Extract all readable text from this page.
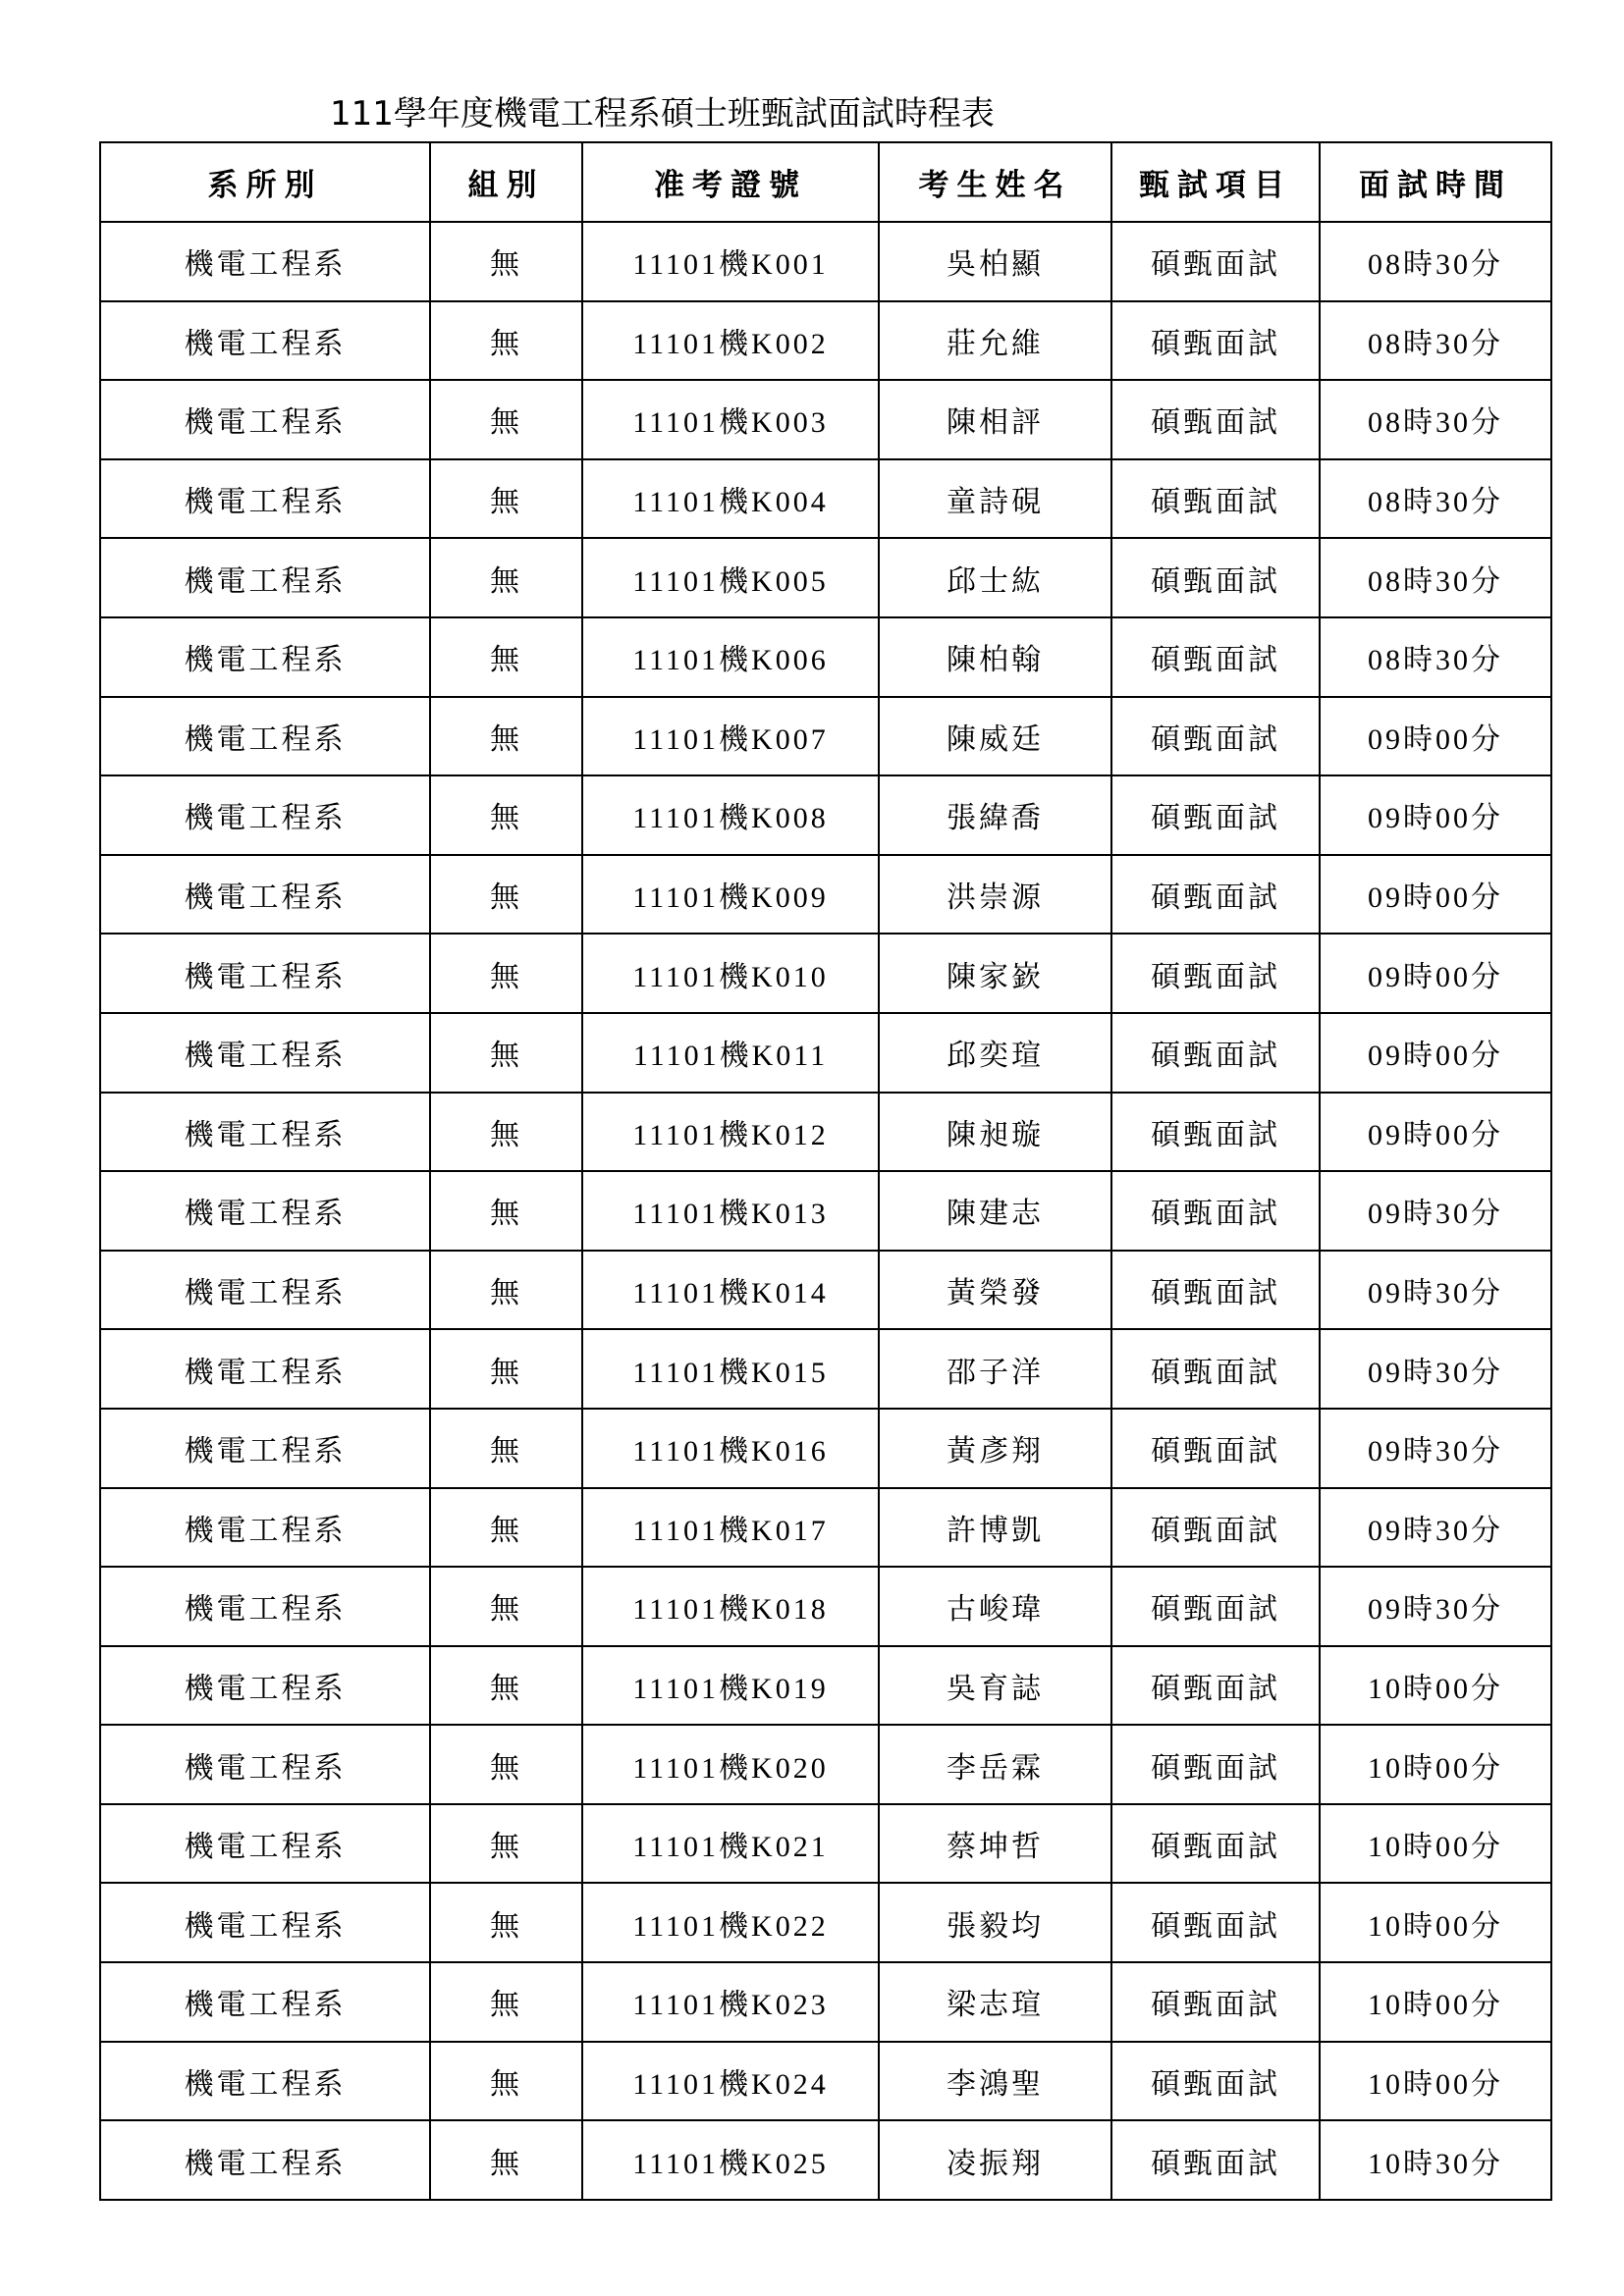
111學年度機電工程系碩士班甄試面試時程表
系所別	組別	准考證號	考生姓名	甄試項目	面試時間
機電工程系	無	11101機K001	吳柏顯	碩甄面試	08時30分
機電工程系	無	11101機K002	莊允維	碩甄面試	08時30分
機電工程系	無	11101機K003	陳相評	碩甄面試	08時30分
機電工程系	無	11101機K004	童詩硯	碩甄面試	08時30分
機電工程系	無	11101機K005	邱士紘	碩甄面試	08時30分
機電工程系	無	11101機K006	陳柏翰	碩甄面試	08時30分
機電工程系	無	11101機K007	陳威廷	碩甄面試	09時00分
機電工程系	無	11101機K008	張緯喬	碩甄面試	09時00分
機電工程系	無	11101機K009	洪崇源	碩甄面試	09時00分
機電工程系	無	11101機K010	陳家嶔	碩甄面試	09時00分
機電工程系	無	11101機K011	邱奕瑄	碩甄面試	09時00分
機電工程系	無	11101機K012	陳昶璇	碩甄面試	09時00分
機電工程系	無	11101機K013	陳建志	碩甄面試	09時30分
機電工程系	無	11101機K014	黃榮發	碩甄面試	09時30分
機電工程系	無	11101機K015	邵子洋	碩甄面試	09時30分
機電工程系	無	11101機K016	黃彥翔	碩甄面試	09時30分
機電工程系	無	11101機K017	許博凱	碩甄面試	09時30分
機電工程系	無	11101機K018	古峻瑋	碩甄面試	09時30分
機電工程系	無	11101機K019	吳育誌	碩甄面試	10時00分
機電工程系	無	11101機K020	李岳霖	碩甄面試	10時00分
機電工程系	無	11101機K021	蔡坤哲	碩甄面試	10時00分
機電工程系	無	11101機K022	張毅均	碩甄面試	10時00分
機電工程系	無	11101機K023	梁志瑄	碩甄面試	10時00分
機電工程系	無	11101機K024	李鴻聖	碩甄面試	10時00分
機電工程系	無	11101機K025	凌振翔	碩甄面試	10時30分
